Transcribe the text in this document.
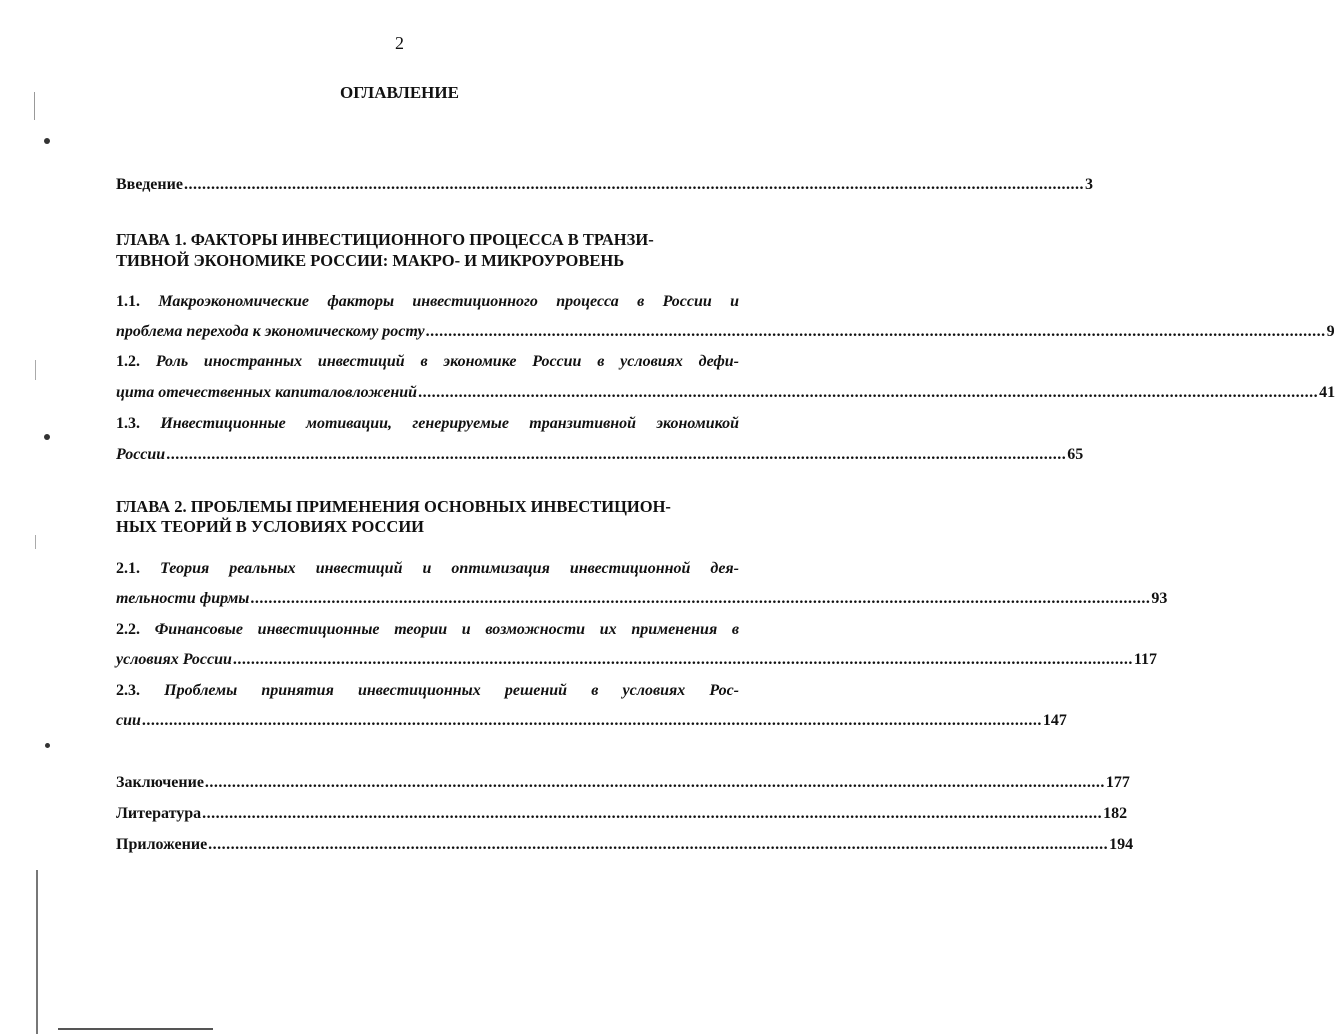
2
ОГЛАВЛЕНИЕ
Введение ........................................................................................................................................................................................................ 3
ГЛАВА 1. ФАКТОРЫ ИНВЕСТИЦИОННОГО ПРОЦЕССА В ТРАНЗИ-
ТИВНОЙ ЭКОНОМИКЕ РОССИИ: МАКРО- И МИКРОУРОВЕНЬ
1.1. Макроэкономические факторы инвестиционного процесса в России и
проблема перехода к экономическому росту ........................................................................................................................................................................................................ 9
1.2. Роль иностранных инвестиций в экономике России в условиях дефи-
цита отечественных капиталовложений ........................................................................................................................................................................................................ 41
1.3. Инвестиционные мотивации, генерируемые транзитивной экономикой
России ........................................................................................................................................................................................................ 65
ГЛАВА 2. ПРОБЛЕМЫ ПРИМЕНЕНИЯ ОСНОВНЫХ ИНВЕСТИЦИОН-
НЫХ ТЕОРИЙ В УСЛОВИЯХ РОССИИ
2.1. Теория реальных инвестиций и оптимизация инвестиционной дея-
тельности фирмы ........................................................................................................................................................................................................ 93
2.2. Финансовые инвестиционные теории и возможности их применения в
условиях России ........................................................................................................................................................................................................ 117
2.3. Проблемы принятия инвестиционных решений в условиях Рос-
сии ........................................................................................................................................................................................................ 147
Заключение ........................................................................................................................................................................................................ 177
Литература ........................................................................................................................................................................................................ 182
Приложение ........................................................................................................................................................................................................ 194
